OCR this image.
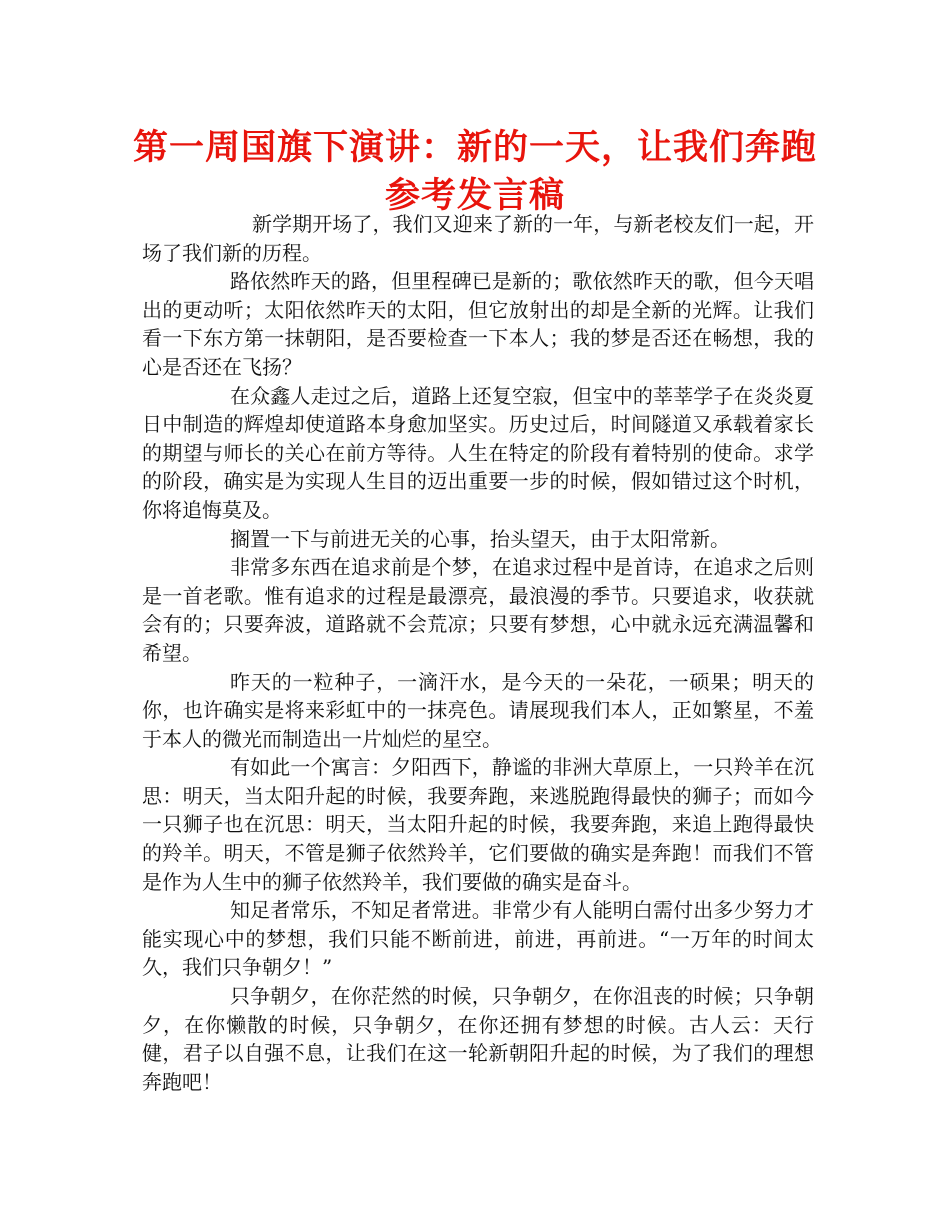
第一周国旗下演讲：新的一天，让我们奔跑参考发言稿

新学期开场了，我们又迎来了新的一年，与新老校友们一起，开场了我们新的历程。

路依然昨天的路，但里程碑已是新的；歌依然昨天的歌，但今天唱出的更动听；太阳依然昨天的太阳，但它放射出的却是全新的光辉。让我们看一下东方第一抹朝阳，是否要检查一下本人；我的梦是否还在畅想，我的心是否还在飞扬？

在众鑫人走过之后，道路上还复空寂，但宝中的莘莘学子在炎炎夏日中制造的辉煌却使道路本身愈加坚实。历史过后，时间隧道又承载着家长的期望与师长的关心在前方等待。人生在特定的阶段有着特别的使命。求学的阶段，确实是为实现人生目的迈出重要一步的时候，假如错过这个时机，你将追悔莫及。

搁置一下与前进无关的心事，抬头望天，由于太阳常新。

非常多东西在追求前是个梦，在追求过程中是首诗，在追求之后则是一首老歌。惟有追求的过程是最漂亮，最浪漫的季节。只要追求，收获就会有的；只要奔波，道路就不会荒凉；只要有梦想，心中就永远充满温馨和希望。

昨天的一粒种子，一滴汗水，是今天的一朵花，一硕果；明天的你，也许确实是将来彩虹中的一抹亮色。请展现我们本人，正如繁星，不羞于本人的微光而制造出一片灿烂的星空。

有如此一个寓言：夕阳西下，静谧的非洲大草原上，一只羚羊在沉思：明天，当太阳升起的时候，我要奔跑，来逃脱跑得最快的狮子；而如今一只狮子也在沉思：明天，当太阳升起的时候，我要奔跑，来追上跑得最快的羚羊。明天，不管是狮子依然羚羊，它们要做的确实是奔跑！而我们不管是作为人生中的狮子依然羚羊，我们要做的确实是奋斗。

知足者常乐，不知足者常进。非常少有人能明白需付出多少努力才能实现心中的梦想，我们只能不断前进，前进，再前进。“一万年的时间太久，我们只争朝夕！”

只争朝夕，在你茫然的时候，只争朝夕，在你沮丧的时候；只争朝夕，在你懒散的时候，只争朝夕，在你还拥有梦想的时候。古人云：天行健，君子以自强不息，让我们在这一轮新朝阳升起的时候，为了我们的理想奔跑吧！
